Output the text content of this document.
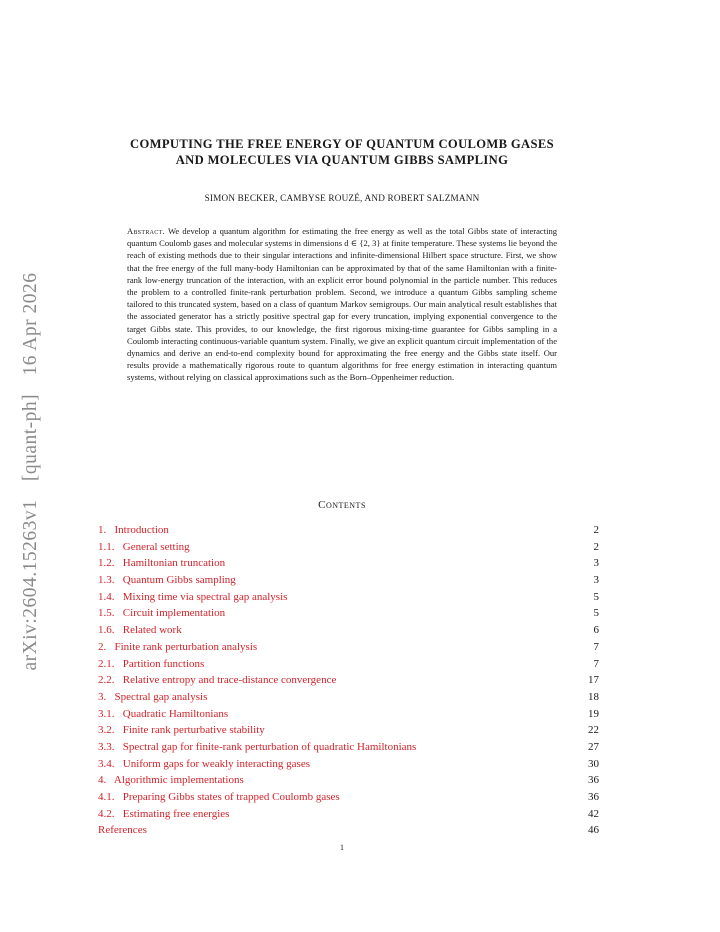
arXiv:2604.15263v1 [quant-ph] 16 Apr 2026
COMPUTING THE FREE ENERGY OF QUANTUM COULOMB GASES
AND MOLECULES VIA QUANTUM GIBBS SAMPLING
SIMON BECKER, CAMBYSE ROUZÉ, AND ROBERT SALZMANN
Abstract. We develop a quantum algorithm for estimating the free energy as well as the total Gibbs state of interacting quantum Coulomb gases and molecular systems in dimensions d ∈ {2, 3} at finite temperature. These systems lie beyond the reach of existing methods due to their singular interactions and infinite-dimensional Hilbert space structure. First, we show that the free energy of the full many-body Hamiltonian can be approximated by that of the same Hamiltonian with a finite-rank low-energy truncation of the interaction, with an explicit error bound polynomial in the particle number. This reduces the problem to a controlled finite-rank perturbation problem. Second, we introduce a quantum Gibbs sampling scheme tailored to this truncated system, based on a class of quantum Markov semigroups. Our main analytical result establishes that the associated generator has a strictly positive spectral gap for every truncation, implying exponential convergence to the target Gibbs state. This provides, to our knowledge, the first rigorous mixing-time guarantee for Gibbs sampling in a Coulomb interacting continuous-variable quantum system. Finally, we give an explicit quantum circuit implementation of the dynamics and derive an end-to-end complexity bound for approximating the free energy and the Gibbs state itself. Our results provide a mathematically rigorous route to quantum algorithms for free energy estimation in interacting quantum systems, without relying on classical approximations such as the Born–Oppenheimer reduction.
Contents
1.   Introduction	2
1.1.   General setting	2
1.2.   Hamiltonian truncation	3
1.3.   Quantum Gibbs sampling	3
1.4.   Mixing time via spectral gap analysis	5
1.5.   Circuit implementation	5
1.6.   Related work	6
2.   Finite rank perturbation analysis	7
2.1.   Partition functions	7
2.2.   Relative entropy and trace-distance convergence	17
3.   Spectral gap analysis	18
3.1.   Quadratic Hamiltonians	19
3.2.   Finite rank perturbative stability	22
3.3.   Spectral gap for finite-rank perturbation of quadratic Hamiltonians	27
3.4.   Uniform gaps for weakly interacting gases	30
4.   Algorithmic implementations	36
4.1.   Preparing Gibbs states of trapped Coulomb gases	36
4.2.   Estimating free energies	42
References	46
1
